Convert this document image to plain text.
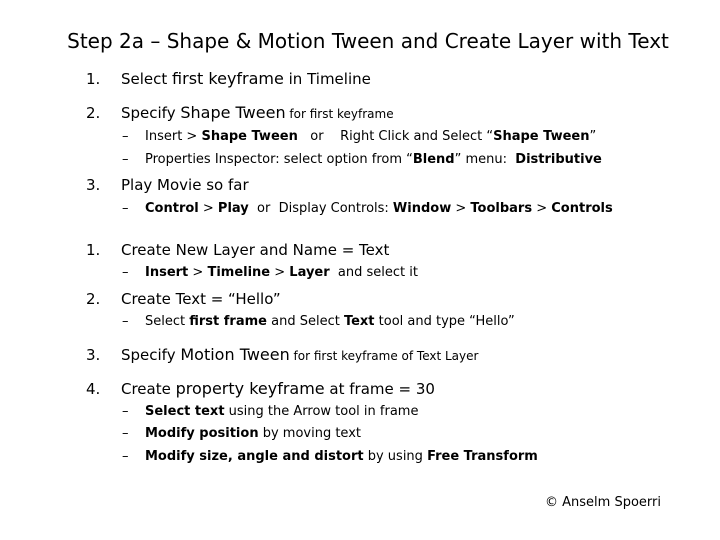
Step 2a – Shape & Motion Tween and Create Layer with Text
1. Select first keyframe in Timeline
2. Specify Shape Tween for first keyframe
– Insert > Shape Tween   or    Right Click and Select “Shape Tween”
– Properties Inspector: select option from “Blend” menu:  Distributive
3. Play Movie so far
– Control > Play  or  Display Controls: Window > Toolbars > Controls
1. Create New Layer and Name = Text
– Insert > Timeline > Layer  and select it
2. Create Text = “Hello”
– Select first frame and Select Text tool and type “Hello”
3. Specify Motion Tween for first keyframe of Text Layer
4. Create property keyframe at frame = 30
– Select text using the Arrow tool in frame
– Modify position by moving text
– Modify size, angle and distort by using Free Transform
© Anselm Spoerri
